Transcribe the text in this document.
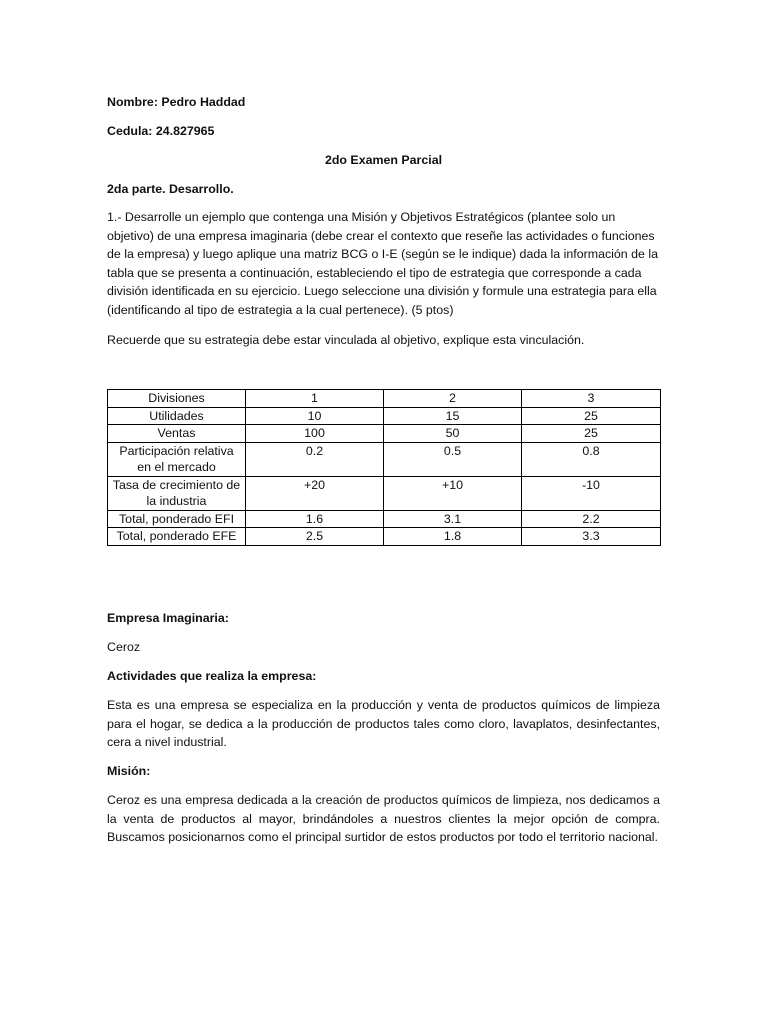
Nombre: Pedro Haddad
Cedula: 24.827965
2do Examen Parcial
2da parte. Desarrollo.
1.- Desarrolle un ejemplo que contenga una Misión y Objetivos Estratégicos (plantee solo un objetivo) de una empresa imaginaria (debe crear el contexto que reseñe las actividades o funciones de la empresa) y luego aplique una matriz BCG o I-E (según se le indique) dada la información de la tabla que se presenta a continuación, estableciendo el tipo de estrategia que corresponde a cada división identificada en su ejercicio. Luego seleccione una división y formule una estrategia para ella (identificando al tipo de estrategia a la cual pertenece). (5 ptos)
Recuerde que su estrategia debe estar vinculada al objetivo, explique esta vinculación.
Divisiones	1	2	3
Utilidades	10	15	25
Ventas	100	50	25
Participación relativa en el mercado	0.2	0.5	0.8
Tasa de crecimiento de la industria	+20	+10	-10
Total, ponderado EFI	1.6	3.1	2.2
Total, ponderado EFE	2.5	1.8	3.3
Empresa Imaginaria:
Ceroz
Actividades que realiza la empresa:
Esta es una empresa se especializa en la producción y venta de productos químicos de limpieza para el hogar, se dedica a la producción de productos tales como cloro, lavaplatos, desinfectantes, cera a nivel industrial.
Misión:
Ceroz es una empresa dedicada a la creación de productos químicos de limpieza, nos dedicamos a la venta de productos al mayor, brindándoles a nuestros clientes la mejor opción de compra. Buscamos posicionarnos como el principal surtidor de estos productos por todo el territorio nacional.
